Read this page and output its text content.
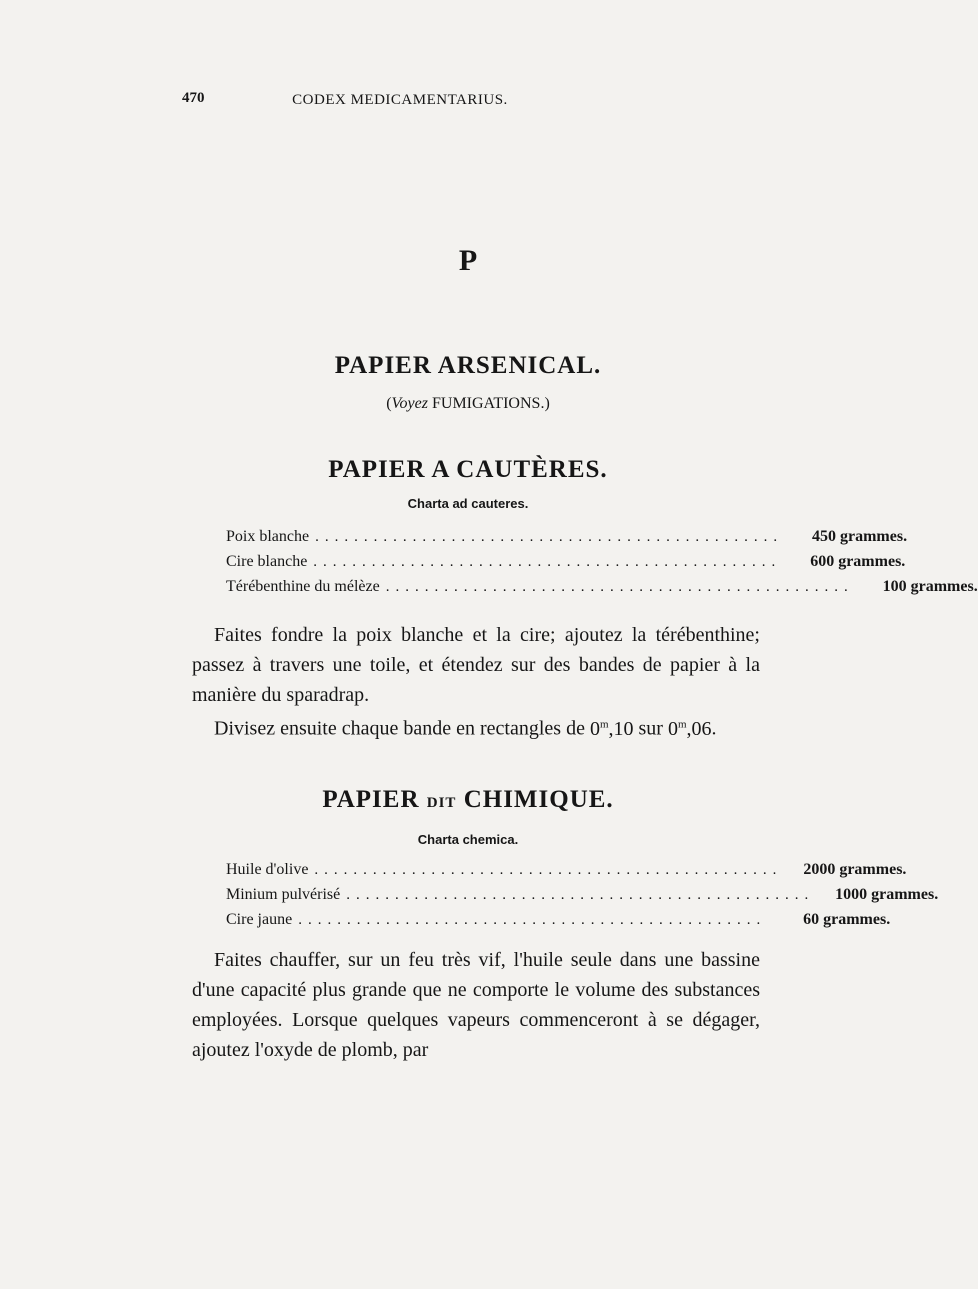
470	CODEX MEDICAMENTARIUS.
P
PAPIER ARSENICAL.
(Voyez FUMIGATIONS.)
PAPIER A CAUTÈRES.
Charta ad cauteres.
Poix blanche ................................................	450 grammes.
Cire blanche ................................................	600 grammes.
Térébenthine du mélèze ................................................	100 grammes.
Faites fondre la poix blanche et la cire; ajoutez la térébenthine; passez à travers une toile, et étendez sur des bandes de papier à la manière du sparadrap.
Divisez ensuite chaque bande en rectangles de 0$^m$,10 sur 0$^m$,06.
PAPIER DIT CHIMIQUE.
Charta chemica.
Huile d'olive ................................................	2000 grammes.
Minium pulvérisé ................................................	1000 grammes.
Cire jaune ................................................	60 grammes.
Faites chauffer, sur un feu très vif, l'huile seule dans une bassine d'une capacité plus grande que ne comporte le volume des substances employées. Lorsque quelques vapeurs commenceront à se dégager, ajoutez l'oxyde de plomb, par
